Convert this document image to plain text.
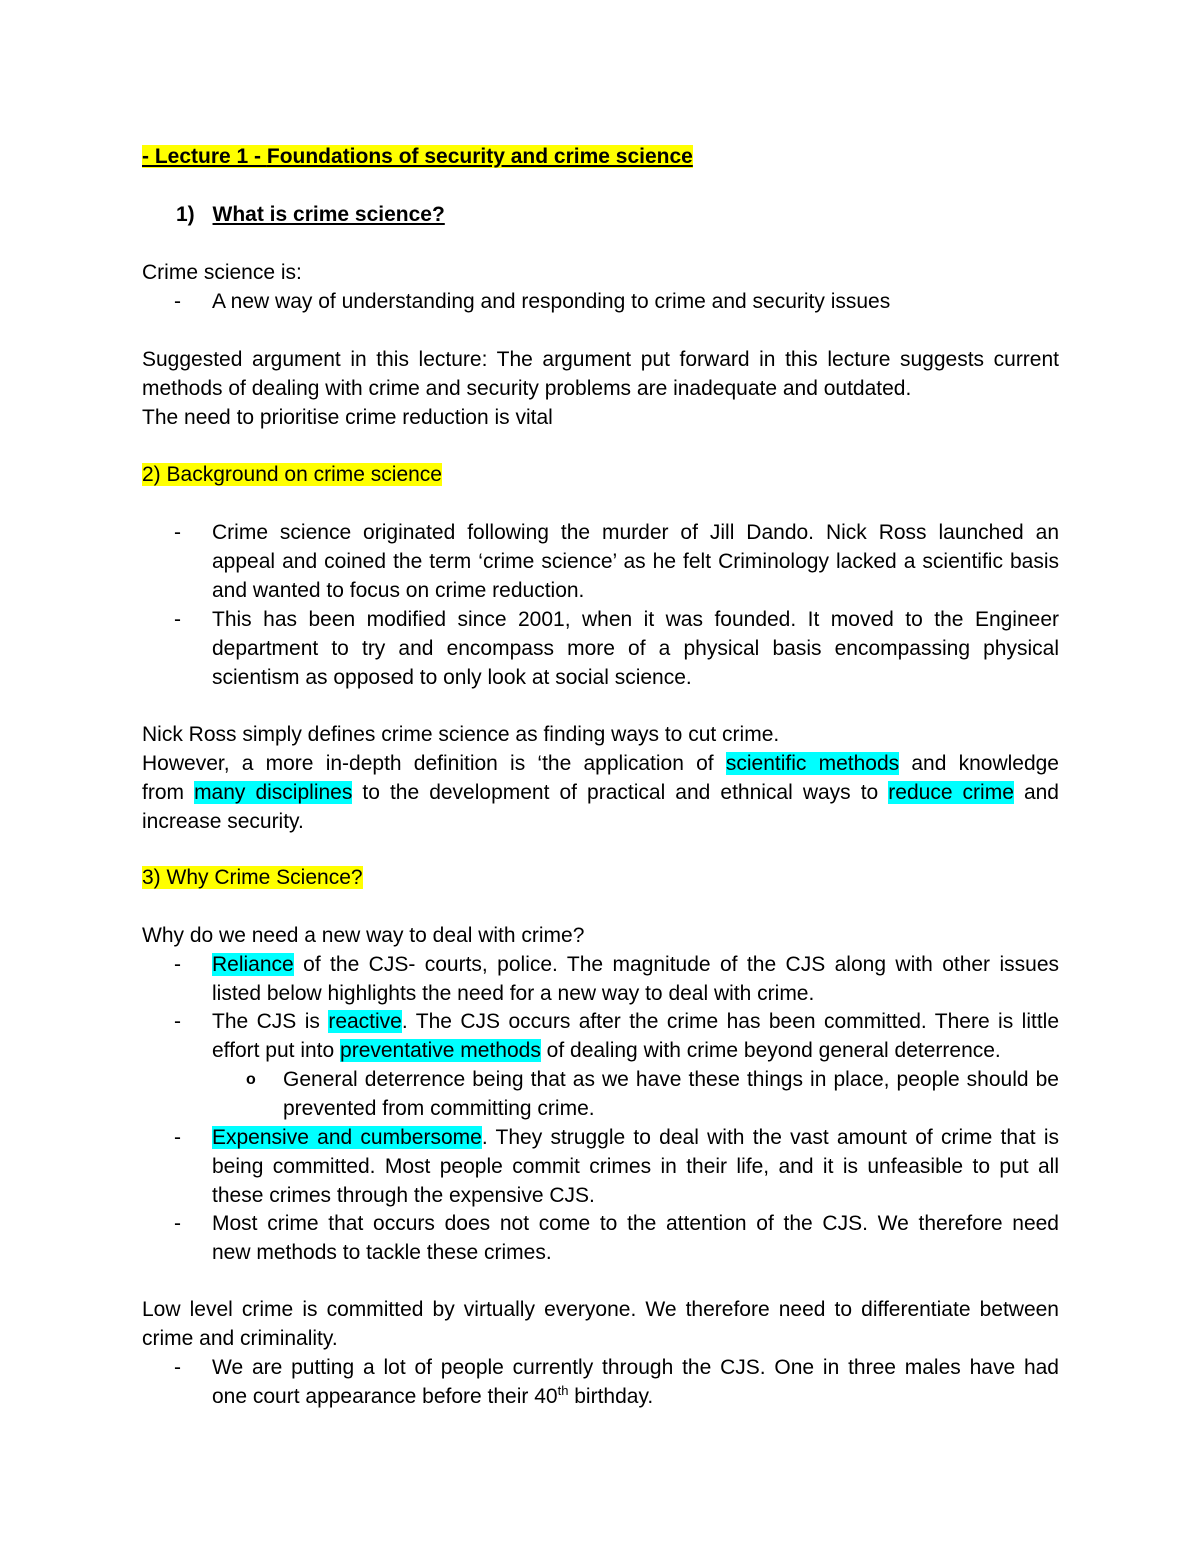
- Lecture 1 - Foundations of security and crime science
1) What is crime science?
Crime science is:
-	A new way of understanding and responding to crime and security issues
Suggested argument in this lecture: The argument put forward in this lecture suggests current
methods of dealing with crime and security problems are inadequate and outdated.
The need to prioritise crime reduction is vital
2) Background on crime science
-	Crime science originated following the murder of Jill Dando. Nick Ross launched an
appeal and coined the term ‘crime science’ as he felt Criminology lacked a scientific basis
and wanted to focus on crime reduction.
-	This has been modified since 2001, when it was founded. It moved to the Engineer
department to try and encompass more of a physical basis encompassing physical
scientism as opposed to only look at social science.
Nick Ross simply defines crime science as finding ways to cut crime.
However, a more in-depth definition is ‘the application of scientific methods and knowledge
from many disciplines to the development of practical and ethnical ways to reduce crime and
increase security.
3) Why Crime Science?
Why do we need a new way to deal with crime?
-	Reliance of the CJS- courts, police. The magnitude of the CJS along with other issues
listed below highlights the need for a new way to deal with crime.
-	The CJS is reactive. The CJS occurs after the crime has been committed. There is little
effort put into preventative methods of dealing with crime beyond general deterrence.
o General deterrence being that as we have these things in place, people should be
prevented from committing crime.
-	Expensive and cumbersome. They struggle to deal with the vast amount of crime that is
being committed. Most people commit crimes in their life, and it is unfeasible to put all
these crimes through the expensive CJS.
-	Most crime that occurs does not come to the attention of the CJS. We therefore need
new methods to tackle these crimes.
Low level crime is committed by virtually everyone. We therefore need to differentiate between
crime and criminality.
-	We are putting a lot of people currently through the CJS. One in three males have had
one court appearance before their 40th birthday.
